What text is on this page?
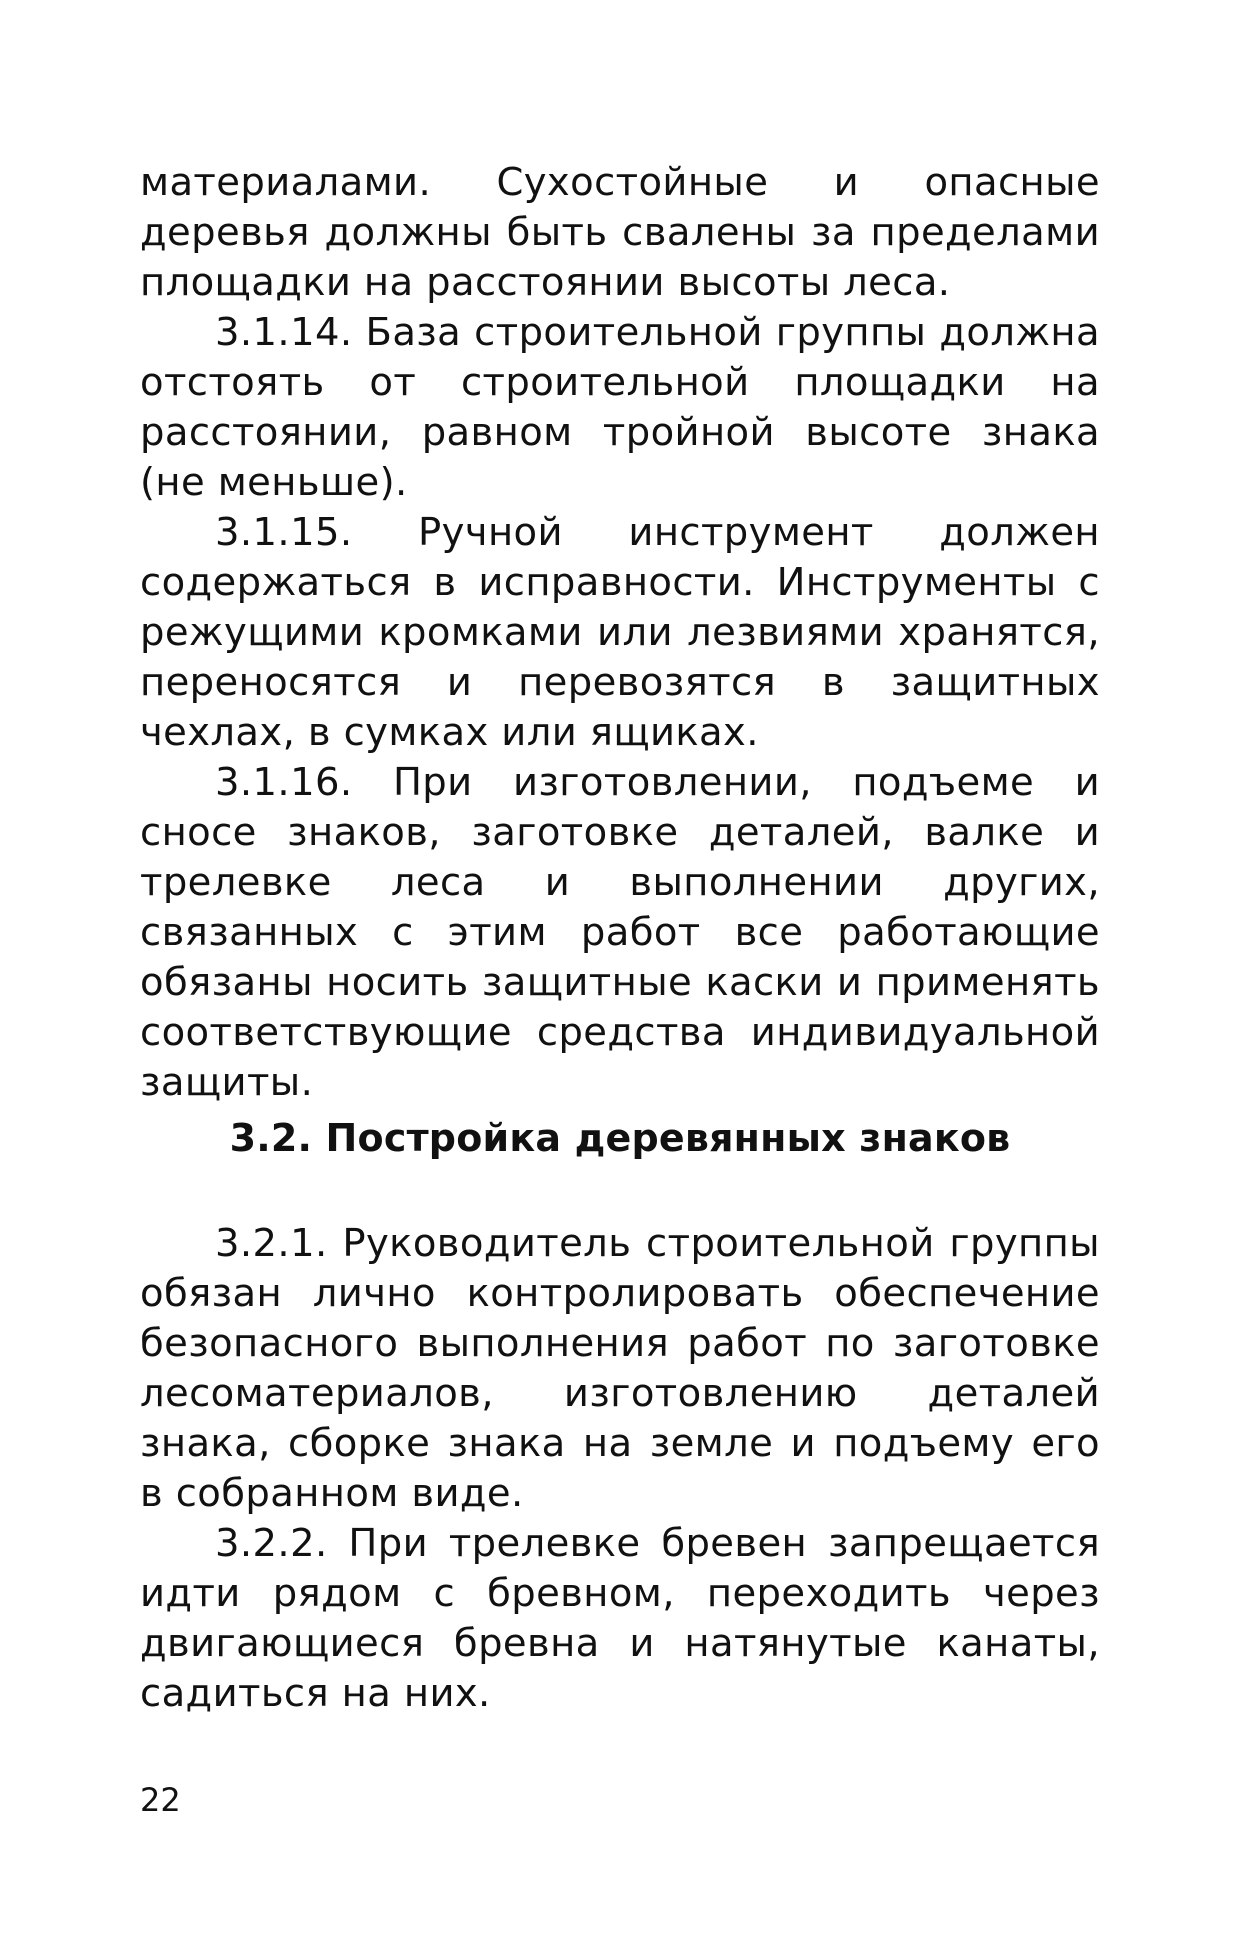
материалами. Сухостойные и опасные деревья должны быть свалены за пределами площадки на расстоянии высоты леса.

3.1.14. База строительной группы должна отстоять от строительной площадки на расстоянии, равном тройной высоте знака (не меньше).

3.1.15. Ручной инструмент должен содержаться в исправности. Инструменты с режущими кромками или лезвиями хранятся, переносятся и перевозятся в защитных чехлах, в сумках или ящиках.

3.1.16. При изготовлении, подъеме и сносе знаков, заготовке деталей, валке и трелевке леса и выполнении других, связанных с этим работ все работающие обязаны носить защитные каски и применять соответствующие средства индивидуальной защиты.

3.2. Постройка деревянных знаков

3.2.1. Руководитель строительной группы обязан лично контролировать обеспечение безопасного выполнения работ по заготовке лесоматериалов, изготовлению деталей знака, сборке знака на земле и подъему его в собранном виде.

3.2.2. При трелевке бревен запрещается идти рядом с бревном, переходить через двигающиеся бревна и натянутые канаты, садиться на них.

22
